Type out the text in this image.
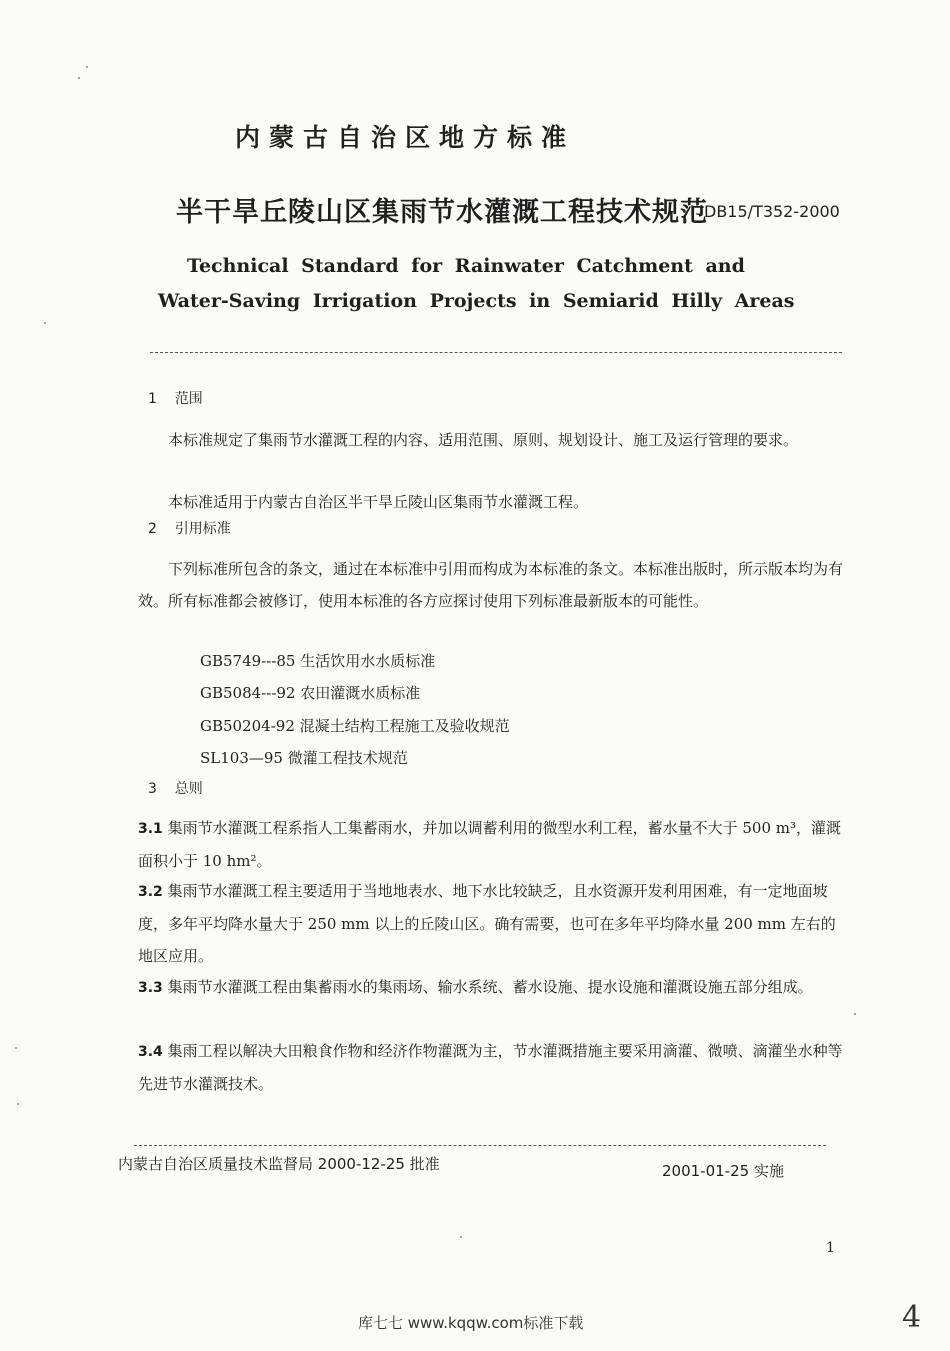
内蒙古自治区地方标准
半干旱丘陵山区集雨节水灌溉工程技术规范
DB15/T352-2000
Technical Standard for Rainwater Catchment and
Water-Saving Irrigation Projects in Semiarid Hilly Areas
1 范围
本标准规定了集雨节水灌溉工程的内容、适用范围、原则、规划设计、施工及运行管理的要求。
本标准适用于内蒙古自治区半干旱丘陵山区集雨节水灌溉工程。
2 引用标准
下列标准所包含的条文，通过在本标准中引用而构成为本标准的条文。本标准出版时，所示版本均为有效。所有标准都会被修订，使用本标准的各方应探讨使用下列标准最新版本的可能性。
GB5749---85 生活饮用水水质标准
GB5084---92 农田灌溉水质标准
GB50204-92 混凝土结构工程施工及验收规范
SL103—95 微灌工程技术规范
3 总则
3.1 集雨节水灌溉工程系指人工集蓄雨水，并加以调蓄利用的微型水利工程，蓄水量不大于 500 m³，灌溉面积小于 10 hm²。
3.2 集雨节水灌溉工程主要适用于当地地表水、地下水比较缺乏，且水资源开发利用困难，有一定地面坡度，多年平均降水量大于 250 mm 以上的丘陵山区。确有需要，也可在多年平均降水量 200 mm 左右的地区应用。
3.3 集雨节水灌溉工程由集蓄雨水的集雨场、输水系统、蓄水设施、提水设施和灌溉设施五部分组成。
3.4 集雨工程以解决大田粮食作物和经济作物灌溉为主，节水灌溉措施主要采用滴灌、微喷、滴灌坐水种等先进节水灌溉技术。
内蒙古自治区质量技术监督局 2000-12-25 批准	2001-01-25 实施
1
库七七 www.kqqw.com标准下载	4
